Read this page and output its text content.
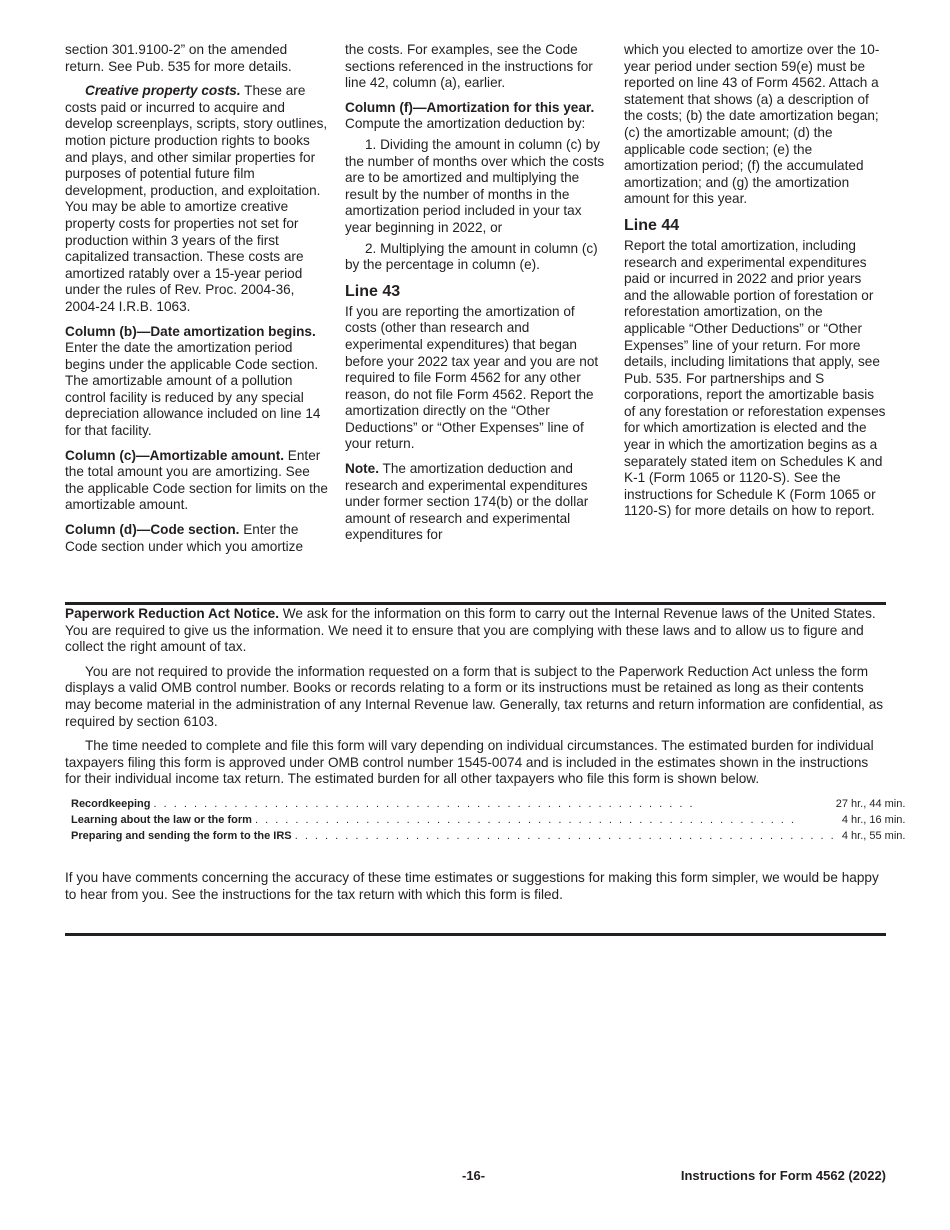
section 301.9100-2” on the amended return. See Pub. 535 for more details.

Creative property costs. These are costs paid or incurred to acquire and develop screenplays, scripts, story outlines, motion picture production rights to books and plays, and other similar properties for purposes of potential future film development, production, and exploitation. You may be able to amortize creative property costs for properties not set for production within 3 years of the first capitalized transaction. These costs are amortized ratably over a 15-year period under the rules of Rev. Proc. 2004-36, 2004-24 I.R.B. 1063.

Column (b)—Date amortization begins. Enter the date the amortization period begins under the applicable Code section. The amortizable amount of a pollution control facility is reduced by any special depreciation allowance included on line 14 for that facility.

Column (c)—Amortizable amount. Enter the total amount you are amortizing. See the applicable Code section for limits on the amortizable amount.

Column (d)—Code section. Enter the Code section under which you amortize

the costs. For examples, see the Code sections referenced in the instructions for line 42, column (a), earlier.

Column (f)—Amortization for this year. Compute the amortization deduction by:

1. Dividing the amount in column (c) by the number of months over which the costs are to be amortized and multiplying the result by the number of months in the amortization period included in your tax year beginning in 2022, or

2. Multiplying the amount in column (c) by the percentage in column (e).

Line 43

If you are reporting the amortization of costs (other than research and experimental expenditures) that began before your 2022 tax year and you are not required to file Form 4562 for any other reason, do not file Form 4562. Report the amortization directly on the “Other Deductions” or “Other Expenses” line of your return.

Note. The amortization deduction and research and experimental expenditures under former section 174(b) or the dollar amount of research and experimental expenditures for

which you elected to amortize over the 10-year period under section 59(e) must be reported on line 43 of Form 4562. Attach a statement that shows (a) a description of the costs; (b) the date amortization began; (c) the amortizable amount; (d) the applicable code section; (e) the amortization period; (f) the accumulated amortization; and (g) the amortization amount for this year.

Line 44

Report the total amortization, including research and experimental expenditures paid or incurred in 2022 and prior years and the allowable portion of forestation or reforestation amortization, on the applicable “Other Deductions” or “Other Expenses” line of your return. For more details, including limitations that apply, see Pub. 535. For partnerships and S corporations, report the amortizable basis of any forestation or reforestation expenses for which amortization is elected and the year in which the amortization begins as a separately stated item on Schedules K and K-1 (Form 1065 or 1120-S). See the instructions for Schedule K (Form 1065 or 1120-S) for more details on how to report.

Paperwork Reduction Act Notice. We ask for the information on this form to carry out the Internal Revenue laws of the United States. You are required to give us the information. We need it to ensure that you are complying with these laws and to allow us to figure and collect the right amount of tax.

You are not required to provide the information requested on a form that is subject to the Paperwork Reduction Act unless the form displays a valid OMB control number. Books or records relating to a form or its instructions must be retained as long as their contents may become material in the administration of any Internal Revenue law. Generally, tax returns and return information are confidential, as required by section 6103.

The time needed to complete and file this form will vary depending on individual circumstances. The estimated burden for individual taxpayers filing this form is approved under OMB control number 1545-0074 and is included in the estimates shown in the instructions for their individual income tax return. The estimated burden for all other taxpayers who file this form is shown below.

Recordkeeping . . . . . . . . . . . . . . . . . . . . . . . . . . . . . . . . . . . . . . . . . . . . . . . . . . . . . .	27 hr., 44 min.
Learning about the law or the form . . . . . . . . . . . . . . . . . . . . . . . . . . . . . . . . . . . . . . . . . . . . . . . . . . . . . .	4 hr., 16 min.
Preparing and sending the form to the IRS . . . . . . . . . . . . . . . . . . . . . . . . . . . . . . . . . . . . . . . . . . . . . . . . . . . . . .	4 hr., 55 min.

If you have comments concerning the accuracy of these time estimates or suggestions for making this form simpler, we would be happy to hear from you. See the instructions for the tax return with which this form is filed.

-16-	Instructions for Form 4562 (2022)
